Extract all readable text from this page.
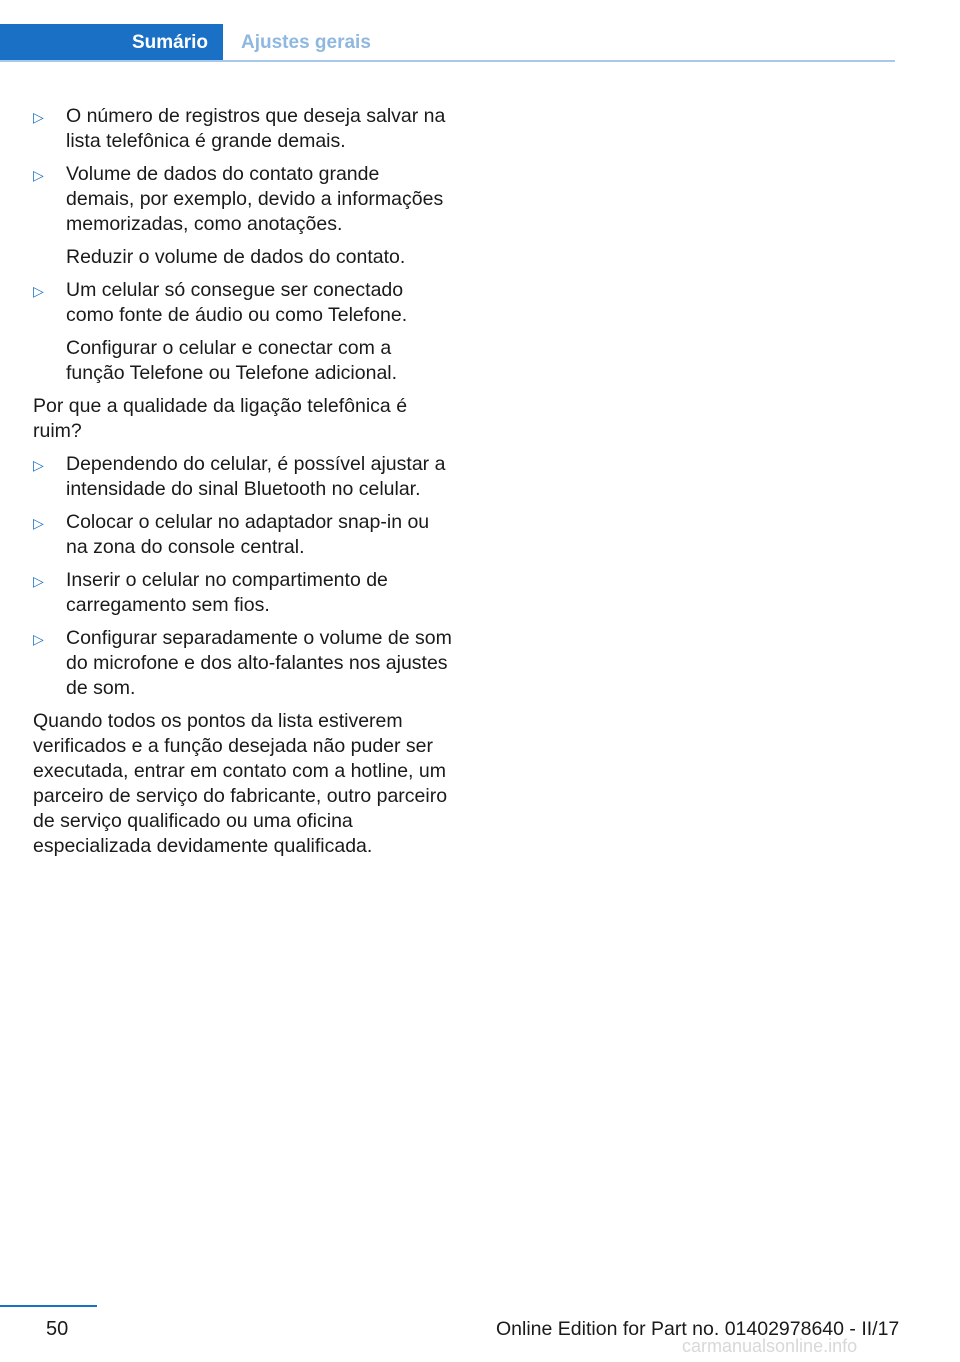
Sumário	Ajustes gerais
▷ O número de registros que deseja salvar na lista telefônica é grande demais.
▷ Volume de dados do contato grande demais, por exemplo, devido a informações memorizadas, como anotações.
Reduzir o volume de dados do contato.
▷ Um celular só consegue ser conectado como fonte de áudio ou como Telefone.
Configurar o celular e conectar com a função Telefone ou Telefone adicional.
Por que a qualidade da ligação telefônica é ruim?
▷ Dependendo do celular, é possível ajustar a intensidade do sinal Bluetooth no celular.
▷ Colocar o celular no adaptador snap-in ou na zona do console central.
▷ Inserir o celular no compartimento de carregamento sem fios.
▷ Configurar separadamente o volume de som do microfone e dos alto-falantes nos ajustes de som.
Quando todos os pontos da lista estiverem verificados e a função desejada não puder ser executada, entrar em contato com a hotline, um parceiro de serviço do fabricante, outro parceiro de serviço qualificado ou uma oficina especializada devidamente qualificada.
50	Online Edition for Part no. 01402978640 - II/17
carmanualsonline.info
